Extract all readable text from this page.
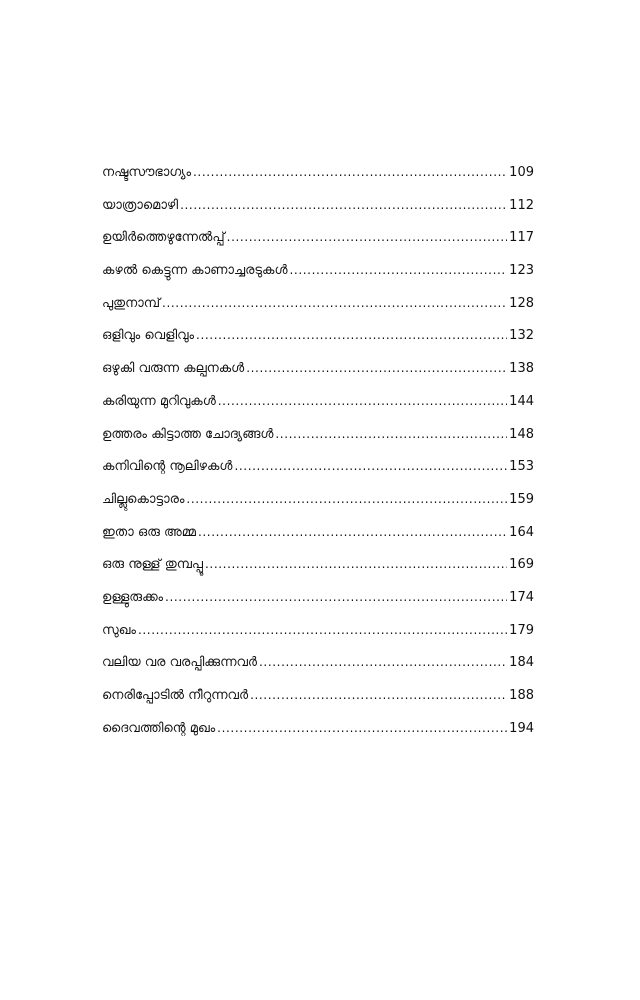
നഷ്ടസൗഭാഗ്യം .....	109
യാത്രാമൊഴി .....	112
ഉയിർത്തെഴുന്നേൽപ്പ് .....	117
കഴൽ കെട്ടുന്ന കാണാച്ചരടുകൾ .....	123
പുതുനാമ്പ് .....	128
ഒളിവും വെളിവും .....	132
ഒഴുകി വരുന്ന കല്പനകൾ .....	138
കരിയുന്ന മുറിവുകൾ .....	144
ഉത്തരം കിട്ടാത്ത ചോദ്യങ്ങൾ .....	148
കനിവിന്റെ നൂലിഴകൾ .....	153
ചില്ലുകൊട്ടാരം .....	159
ഇതാ ഒരു അമ്മ .....	164
ഒരു നുള്ള് തുമ്പപ്പൂ .....	169
ഉള്ളുരുക്കം .....	174
സുഖം .....	179
വലിയ വര വരപ്പിക്കുന്നവർ .....	184
നെരിപ്പോടിൽ നീറുന്നവർ .....	188
ദൈവത്തിന്റെ മുഖം .....	194
